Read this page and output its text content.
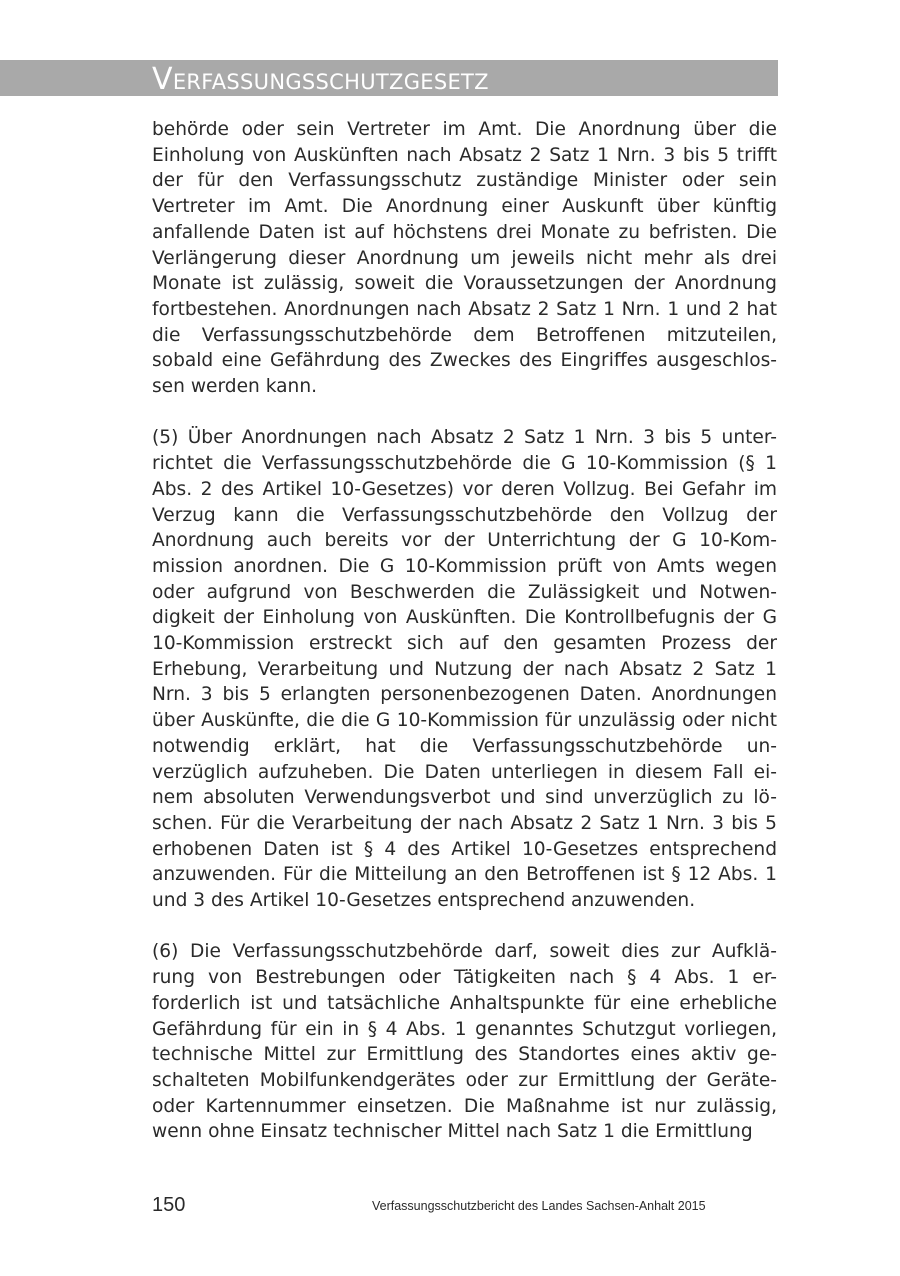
Verfassungsschutzgesetz

behörde oder sein Vertreter im Amt. Die Anordnung über die Einholung von Auskünften nach Absatz 2 Satz 1 Nrn. 3 bis 5 trifft der für den Verfassungsschutz zuständige Minister oder sein Vertreter im Amt. Die Anordnung einer Auskunft über künftig anfallende Daten ist auf höchstens drei Monate zu befristen. Die Verlängerung dieser Anordnung um jeweils nicht mehr als drei Monate ist zulässig, soweit die Voraussetzungen der Anordnung fortbestehen. Anordnungen nach Absatz 2 Satz 1 Nrn. 1 und 2 hat die Verfassungsschutzbehörde dem Betroffenen mitzuteilen, sobald eine Gefährdung des Zweckes des Eingriffes ausgeschlos-sen werden kann.

(5) Über Anordnungen nach Absatz 2 Satz 1 Nrn. 3 bis 5 unter-richtet die Verfassungsschutzbehörde die G 10-Kommission (§ 1 Abs. 2 des Artikel 10-Gesetzes) vor deren Vollzug. Bei Gefahr im Verzug kann die Verfassungsschutzbehörde den Vollzug der Anordnung auch bereits vor der Unterrichtung der G 10-Kom-mission anordnen. Die G 10-Kommission prüft von Amts wegen oder aufgrund von Beschwerden die Zulässigkeit und Notwen-digkeit der Einholung von Auskünften. Die Kontrollbefugnis der G 10-Kommission erstreckt sich auf den gesamten Prozess der Erhebung, Verarbeitung und Nutzung der nach Absatz 2 Satz 1 Nrn. 3 bis 5 erlangten personenbezogenen Daten. Anordnungen über Auskünfte, die die G 10-Kommission für unzulässig oder nicht notwendig erklärt, hat die Verfassungsschutzbehörde un-verzüglich aufzuheben. Die Daten unterliegen in diesem Fall ei-nem absoluten Verwendungsverbot und sind unverzüglich zu lö-schen. Für die Verarbeitung der nach Absatz 2 Satz 1 Nrn. 3 bis 5 erhobenen Daten ist § 4 des Artikel 10-Gesetzes entsprechend anzuwenden. Für die Mitteilung an den Betroffenen ist § 12 Abs. 1 und 3 des Artikel 10-Gesetzes entsprechend anzuwenden.

(6) Die Verfassungsschutzbehörde darf, soweit dies zur Aufklä-rung von Bestrebungen oder Tätigkeiten nach § 4 Abs. 1 er-forderlich ist und tatsächliche Anhaltspunkte für eine erhebliche Gefährdung für ein in § 4 Abs. 1 genanntes Schutzgut vorliegen, technische Mittel zur Ermittlung des Standortes eines aktiv ge-schalteten Mobilfunkendgerätes oder zur Ermittlung der Geräte- oder Kartennummer einsetzen. Die Maßnahme ist nur zulässig, wenn ohne Einsatz technischer Mittel nach Satz 1 die Ermittlung

150	Verfassungsschutzbericht des Landes Sachsen-Anhalt 2015
